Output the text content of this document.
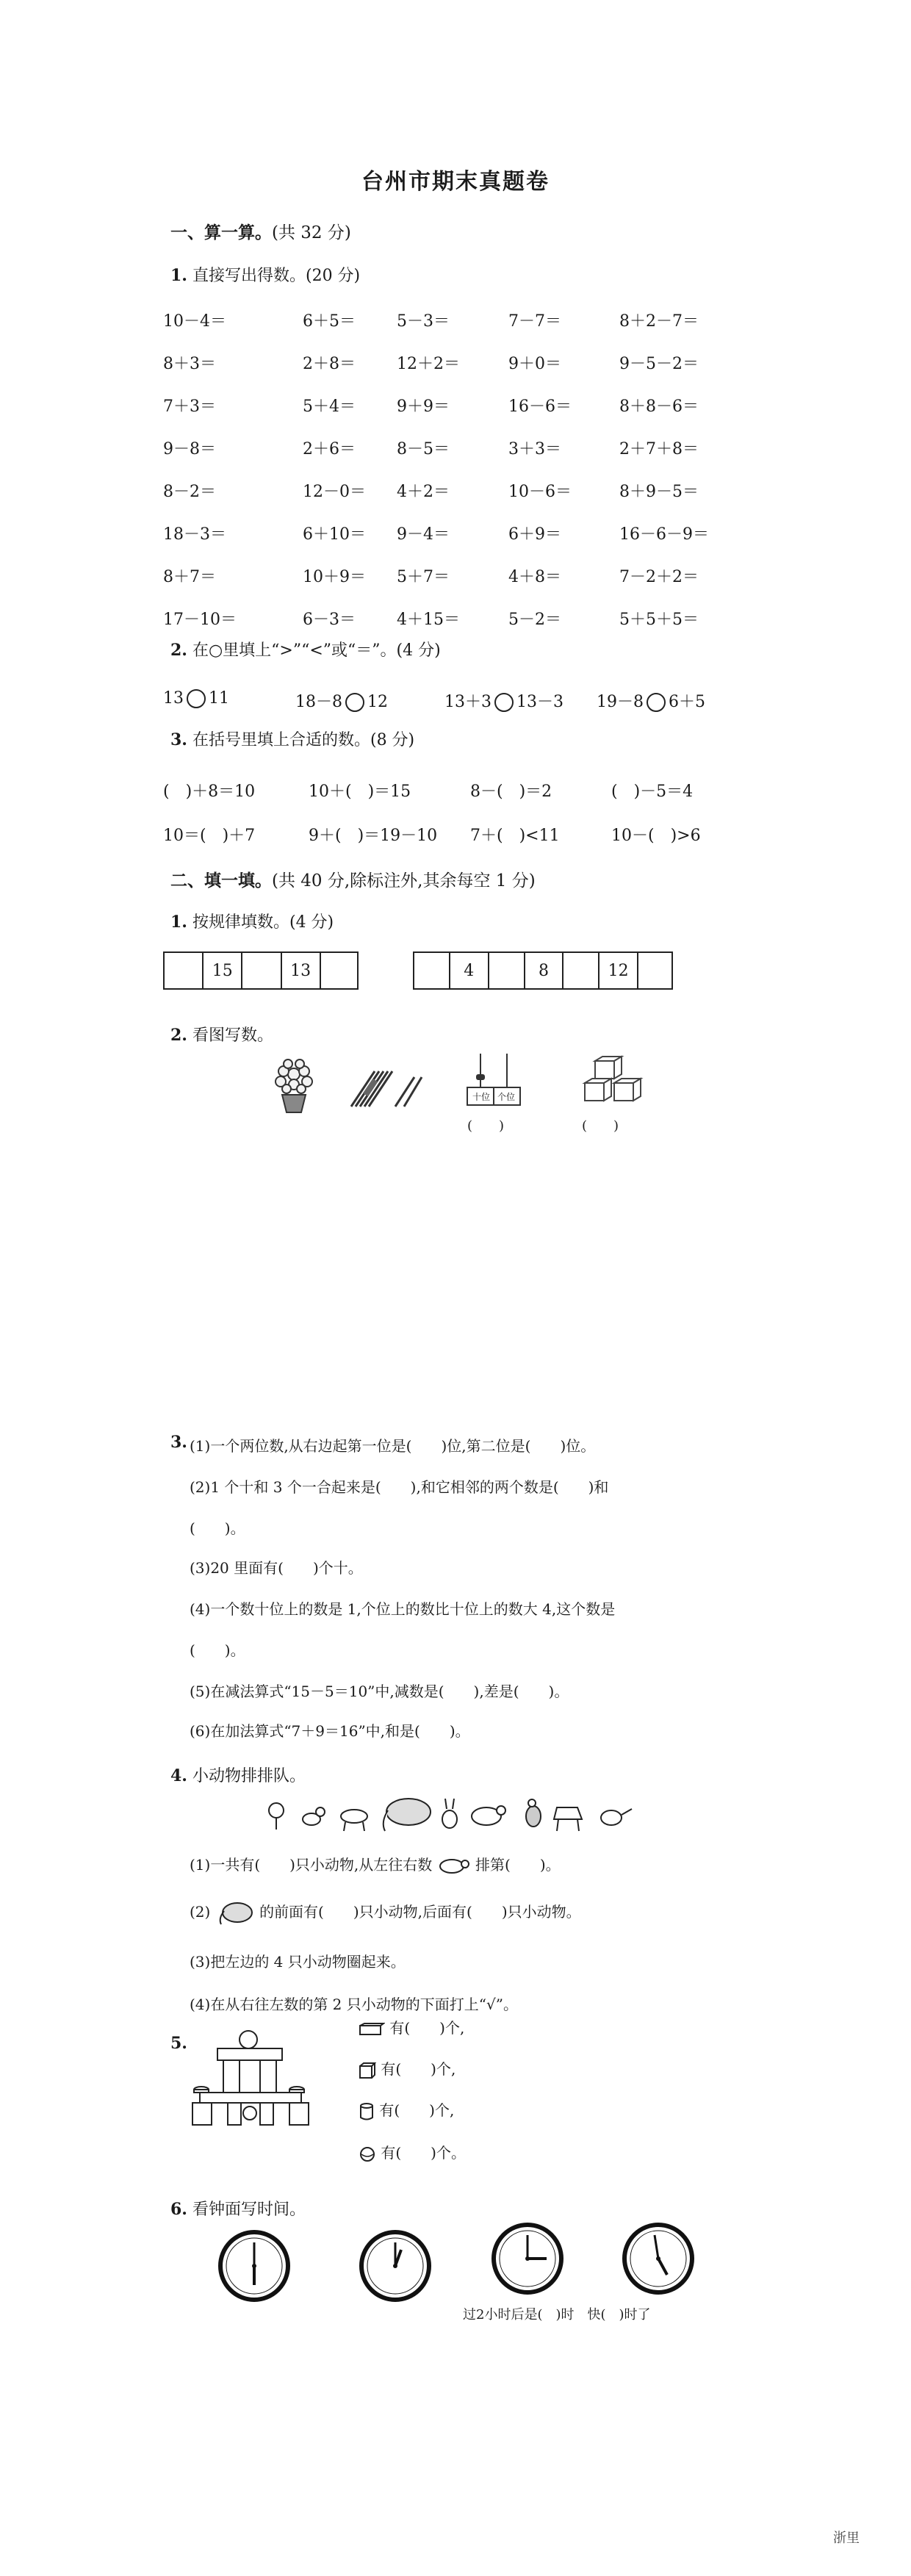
台州市期末真题卷
一、算一算。(共 32 分)
1. 直接写出得数。(20 分)
10－4＝	6＋5＝	5－3＝	7－7＝	8＋2－7＝
8＋3＝	2＋8＝	12＋2＝	9＋0＝	9－5－2＝
7＋3＝	5＋4＝	9＋9＝	16－6＝	8＋8－6＝
9－8＝	2＋6＝	8－5＝	3＋3＝	2＋7＋8＝
8－2＝	12－0＝ 4＋2＝	10－6＝	8＋9－5＝
18－3＝	6＋10＝ 9－4＝	6＋9＝	16－6－9＝
8＋7＝	10＋9＝ 5＋7＝	4＋8＝	7－2＋2＝
17－10＝	6－3＝	4＋15＝	5－2＝	5＋5＋5＝
2. 在○里填上“>”“<”或“＝”。(4 分)
13 11	18－8 12	13＋3 13－3 19－8 6＋5
3. 在括号里填上合适的数。(8 分)
(　)＋8＝10	10＋(　)＝15	8－(　)＝2	(　)－5＝4
10＝(　)＋7	9＋(　)＝19－10 7＋(　)<11	10－(　)>6
二、填一填。(共 40 分,除标注外,其余每空 1 分)
1. 按规律填数。(4 分)
15	13	4	8	12
2. 看图写数。
十位 个位
(　　)	(　　)
3. (1)一个两位数,从右边起第一位是(　　)位,第二位是(　　)位。
(2)1 个十和 3 个一合起来是(　　),和它相邻的两个数是(　　)和
(　　)。
(3)20 里面有(　　)个十。
(4)一个数十位上的数是 1,个位上的数比十位上的数大 4,这个数是
(　　)。
(5)在减法算式“15－5＝10”中,减数是(　　),差是(　　)。
(6)在加法算式“7＋9＝16”中,和是(　　)。
4. 小动物排排队。
(1)一共有(　　)只小动物,从左往右数	排第(　　)。
(2)	的前面有(　　)只小动物,后面有(　　)只小动物。
(3)把左边的 4 只小动物圈起来。
(4)在从右往左数的第 2 只小动物的下面打上“√”。
5.
有(　　)个,
有(　　)个,
有(　　)个,
有(　　)个。
6. 看钟面写时间。
过2小时后是(　)时　快(　)时了
浙里
